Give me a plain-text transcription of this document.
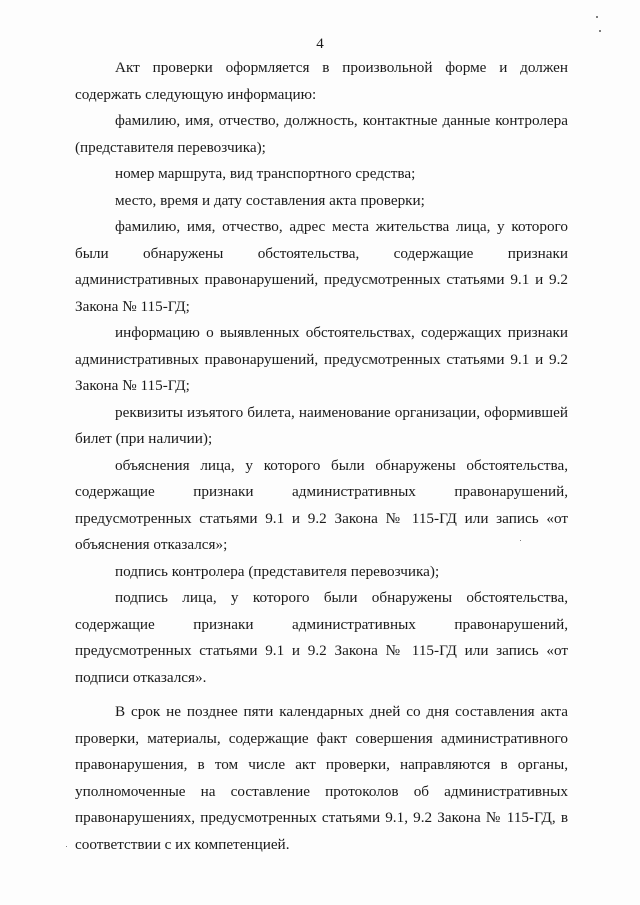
4

Акт проверки оформляется в произвольной форме и должен содержать следующую информацию:

фамилию, имя, отчество, должность, контактные данные контролера (представителя перевозчика);

номер маршрута, вид транспортного средства;

место, время и дату составления акта проверки;

фамилию, имя, отчество, адрес места жительства лица, у которого были обнаружены обстоятельства, содержащие признаки административных правонарушений, предусмотренных статьями 9.1 и 9.2 Закона № 115-ГД;

информацию о выявленных обстоятельствах, содержащих признаки административных правонарушений, предусмотренных статьями 9.1 и 9.2 Закона № 115-ГД;

реквизиты изъятого билета, наименование организации, оформившей билет (при наличии);

объяснения лица, у которого были обнаружены обстоятельства, содержащие признаки административных правонарушений, предусмотренных статьями 9.1 и 9.2 Закона № 115-ГД или запись «от объяснения отказался»;

подпись контролера (представителя перевозчика);

подпись лица, у которого были обнаружены обстоятельства, содержащие признаки административных правонарушений, предусмотренных статьями 9.1 и 9.2 Закона № 115-ГД или запись «от подписи отказался».

В срок не позднее пяти календарных дней со дня составления акта проверки, материалы, содержащие факт совершения административного правонарушения, в том числе акт проверки, направляются в органы, уполномоченные на составление протоколов об административных правонарушениях, предусмотренных статьями 9.1, 9.2 Закона № 115-ГД, в соответствии с их компетенцией.
